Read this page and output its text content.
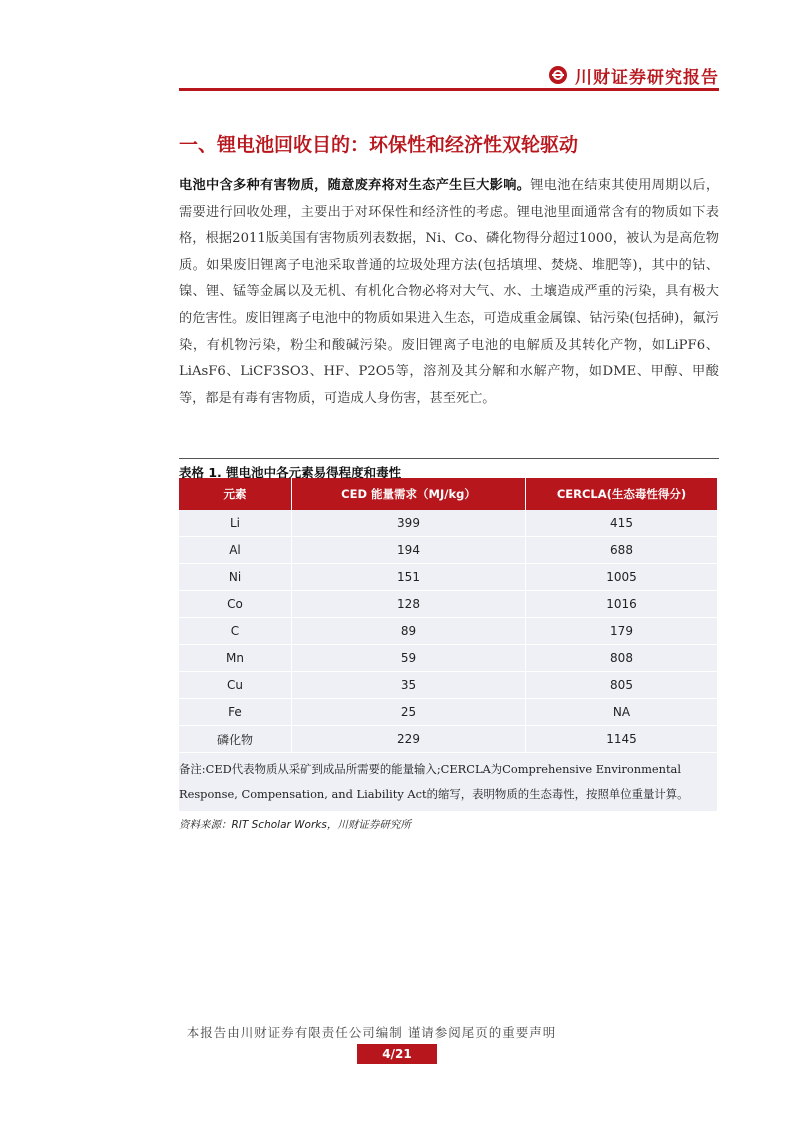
川财证券研究报告
一、锂电池回收目的：环保性和经济性双轮驱动

电池中含多种有害物质，随意废弃将对生态产生巨大影响。锂电池在结束其使用周期以后，需要进行回收处理，主要出于对环保性和经济性的考虑。锂电池里面通常含有的物质如下表格，根据2011版美国有害物质列表数据，Ni、Co、磷化物得分超过1000，被认为是高危物质。如果废旧锂离子电池采取普通的垃圾处理方法(包括填埋、焚烧、堆肥等)，其中的钴、镍、锂、锰等金属以及无机、有机化合物必将对大气、水、土壤造成严重的污染，具有极大的危害性。废旧锂离子电池中的物质如果进入生态，可造成重金属镍、钴污染(包括砷)，氟污染，有机物污染，粉尘和酸碱污染。废旧锂离子电池的电解质及其转化产物，如LiPF6、LiAsF6、LiCF3SO3、HF、P2O5等，溶剂及其分解和水解产物，如DME、甲醇、甲酸等，都是有毒有害物质，可造成人身伤害，甚至死亡。

表格 1. 锂电池中各元素易得程度和毒性
元素	CED 能量需求（MJ/kg）	CERCLA(生态毒性得分)
Li	399	415
Al	194	688
Ni	151	1005
Co	128	1016
C	89	179
Mn	59	808
Cu	35	805
Fe	25	NA
磷化物	229	1145

备注:CED代表物质从采矿到成品所需要的能量输入;CERCLA为Comprehensive Environmental Response, Compensation, and Liability Act的缩写，表明物质的生态毒性，按照单位重量计算。

资料来源：RIT Scholar Works，川财证券研究所
本报告由川财证券有限责任公司编制 谨请参阅尾页的重要声明
4/21
